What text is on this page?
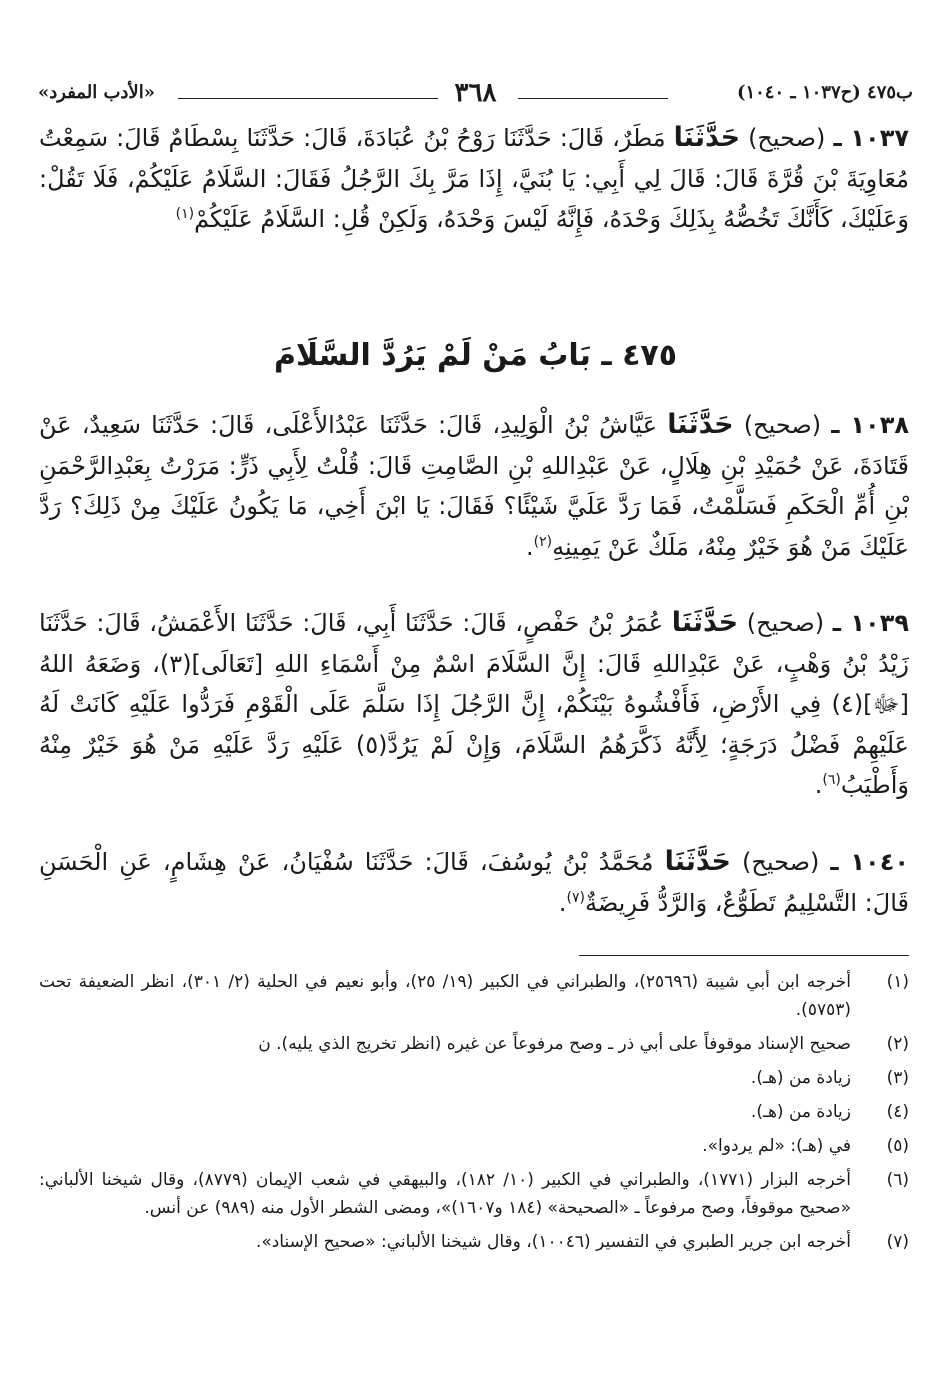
ب٤٧٥ (ح١٠٣٧ ـ ١٠٤٠)
٣٦٨
«الأدب المفرد»
١٠٣٧ ـ (صحيح) حَدَّثَنَا مَطَرٌ، قَالَ: حَدَّثَنَا رَوْحُ بْنُ عُبَادَةَ، قَالَ: حَدَّثَنَا بِسْطَامٌ قَالَ: سَمِعْتُ مُعَاوِيَةَ بْنَ قُرَّةَ قَالَ: قَالَ لِي أَبِي: يَا بُنَيَّ، إِذَا مَرَّ بِكَ الرَّجُلُ فَقَالَ: السَّلَامُ عَلَيْكُمْ، فَلَا تَقُلْ: وَعَلَيْكَ، كَأَنَّكَ تَخُصُّهُ بِذَلِكَ وَحْدَهُ، فَإِنَّهُ لَيْسَ وَحْدَهُ، وَلَكِنْ قُلِ: السَّلَامُ عَلَيْكُمْ$^{(١)}$
٤٧٥ ـ بَابُ مَنْ لَمْ يَرُدَّ السَّلَامَ
١٠٣٨ ـ (صحيح) حَدَّثَنَا عَيَّاشُ بْنُ الْوَلِيدِ، قَالَ: حَدَّثَنَا عَبْدُالأَعْلَى، قَالَ: حَدَّثَنَا سَعِيدٌ، عَنْ قَتَادَةَ، عَنْ حُمَيْدِ بْنِ هِلَالٍ، عَنْ عَبْدِاللهِ بْنِ الصَّامِتِ قَالَ: قُلْتُ لِأَبِي ذَرٍّ: مَرَرْتُ بِعَبْدِالرَّحْمَنِ بْنِ أُمِّ الْحَكَمِ فَسَلَّمْتُ، فَمَا رَدَّ عَلَيَّ شَيْئًا؟ فَقَالَ: يَا ابْنَ أَخِي، مَا يَكُونُ عَلَيْكَ مِنْ ذَلِكَ؟ رَدَّ عَلَيْكَ مَنْ هُوَ خَيْرٌ مِنْهُ، مَلَكٌ عَنْ يَمِينِهِ$^{(٢)}$.
١٠٣٩ ـ (صحيح) حَدَّثَنَا عُمَرُ بْنُ حَفْصٍ، قَالَ: حَدَّثَنَا أَبِي، قَالَ: حَدَّثَنَا الأَعْمَشُ، قَالَ: حَدَّثَنَا زَيْدُ بْنُ وَهْبٍ، عَنْ عَبْدِاللهِ قَالَ: إِنَّ السَّلَامَ اسْمٌ مِنْ أَسْمَاءِ اللهِ [تَعَالَى](٣)، وَضَعَهُ اللهُ [ﷻ](٤) فِي الأَرْضِ، فَأَفْشُوهُ بَيْنَكُمْ، إِنَّ الرَّجُلَ إِذَا سَلَّمَ عَلَى الْقَوْمِ فَرَدُّوا عَلَيْهِ كَانَتْ لَهُ عَلَيْهِمْ فَضْلُ دَرَجَةٍ؛ لِأَنَّهُ ذَكَّرَهُمُ السَّلَامَ، وَإِنْ لَمْ يَرُدَّ(٥) عَلَيْهِ رَدَّ عَلَيْهِ مَنْ هُوَ خَيْرٌ مِنْهُ وَأَطْيَبُ$^{(٦)}$.
١٠٤٠ ـ (صحيح) حَدَّثَنَا مُحَمَّدُ بْنُ يُوسُفَ، قَالَ: حَدَّثَنَا سُفْيَانُ، عَنْ هِشَامٍ، عَنِ الْحَسَنِ قَالَ: التَّسْلِيمُ تَطَوُّعٌ، وَالرَّدُّ فَرِيضَةٌ$^{(٧)}$.
(١)
أخرجه ابن أبي شيبة (٢٥٦٩٦)، والطبراني في الكبير (١٩/ ٢٥)، وأبو نعيم في الحلية (٢/ ٣٠١)، انظر الضعيفة تحت (٥٧٥٣).
(٢)
صحيح الإسناد موقوفاً على أبي ذر ـ وصح مرفوعاً عن غيره (انظر تخريج الذي يليه). ن
(٣)
زيادة من (هـ).
(٤)
زيادة من (هـ).
(٥)
في (هـ): «لم يردوا».
(٦)
أخرجه البزار (١٧٧١)، والطبراني في الكبير (١٠/ ١٨٢)، والبيهقي في شعب الإيمان (٨٧٧٩)، وقال شيخنا الألباني: «صحيح موقوفاً، وصح مرفوعاً ـ «الصحيحة» (١٨٤ و١٦٠٧)»، ومضى الشطر الأول منه (٩٨٩) عن أنس.
(٧)
أخرجه ابن جرير الطبري في التفسير (١٠٠٤٦)، وقال شيخنا الألباني: «صحيح الإسناد».
